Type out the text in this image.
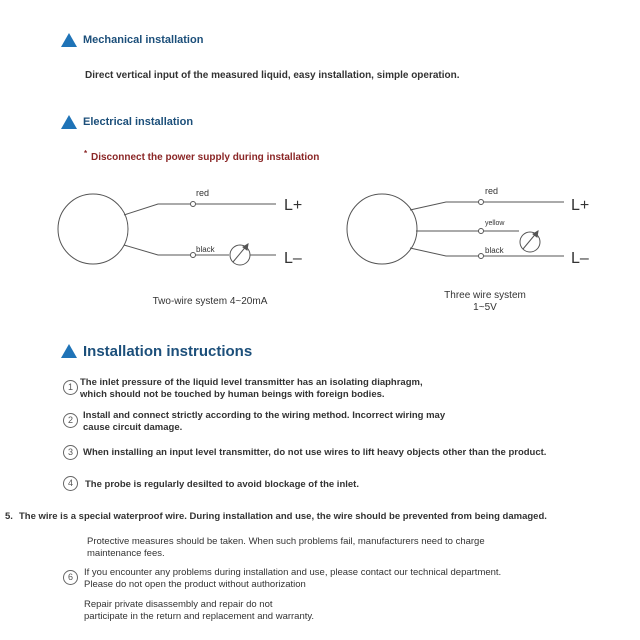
Mechanical installation
Direct vertical input of the measured liquid, easy installation, simple operation.
Electrical installation
* Disconnect the power supply during installation
red
black
L+
L–
red
yellow
black
L+
L–
Two-wire system 4~20mA
Three wire system
1~5V
Installation instructions
1 The inlet pressure of the liquid level transmitter has an isolating diaphragm,
which should not be touched by human beings with foreign bodies.
2	Install and connect strictly according to the wiring method. Incorrect wiring may
cause circuit damage.
3	When installing an input level transmitter, do not use wires to lift heavy objects other than the product.
4	The probe is regularly desilted to avoid blockage of the inlet.
5. The wire is a special waterproof wire. During installation and use, the wire should be prevented from being damaged.
Protective measures should be taken. When such problems fail, manufacturers need to charge
maintenance fees.
6	If you encounter any problems during installation and use, please contact our technical department.
Please do not open the product without authorization
Repair private disassembly and repair do not
participate in the return and replacement and warranty.
